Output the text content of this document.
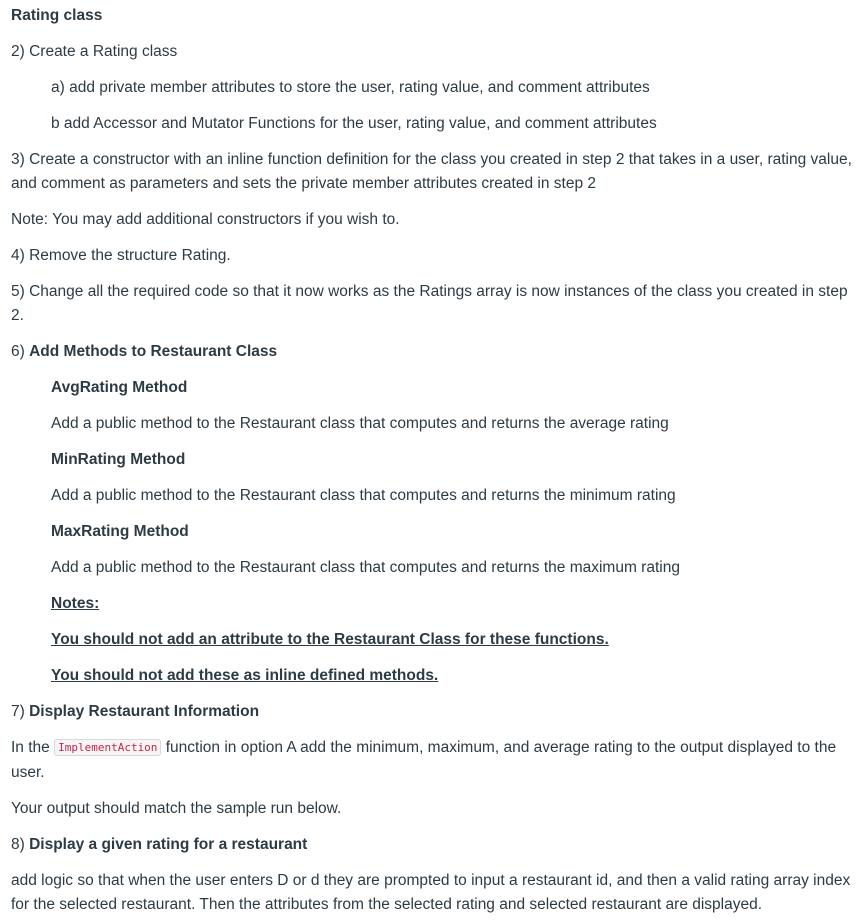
Rating class

2) Create a Rating class

a) add private member attributes to store the user, rating value, and comment attributes

b add Accessor and Mutator Functions for the user, rating value, and comment attributes

3) Create a constructor with an inline function definition for the class you created in step 2 that takes in a user, rating value, and comment as parameters and sets the private member attributes created in step 2

Note: You may add additional constructors if you wish to.

4) Remove the structure Rating.

5) Change all the required code so that it now works as the Ratings array is now instances of the class you created in step 2.

6) Add Methods to Restaurant Class

AvgRating Method

Add a public method to the Restaurant class that computes and returns the average rating

MinRating Method

Add a public method to the Restaurant class that computes and returns the minimum rating

MaxRating Method

Add a public method to the Restaurant class that computes and returns the maximum rating

Notes:

You should not add an attribute to the Restaurant Class for these functions.

You should not add these as inline defined methods.

7) Display Restaurant Information

In the ImplementAction function in option A add the minimum, maximum, and average rating to the output displayed to the user.

Your output should match the sample run below.

8) Display a given rating for a restaurant

add logic so that when the user enters D or d they are prompted to input a restaurant id, and then a valid rating array index for the selected restaurant. Then the attributes from the selected rating and selected restaurant are displayed.
